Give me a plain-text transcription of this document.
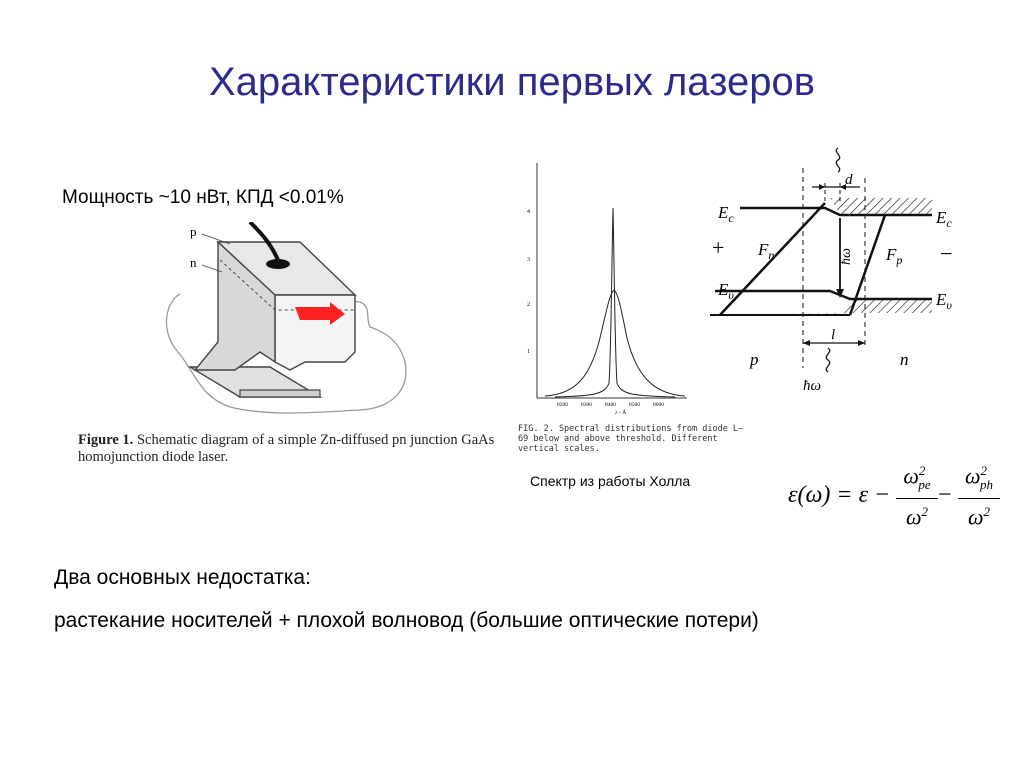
Характеристики первых лазеров
Мощность ~10 нВт, КПД <0.01%
p
n
Figure 1. Schematic diagram of a simple Zn-diffused pn junction GaAs homojunction diode laser.
4
3
2
1
8200 8300 8400 8500 8600
λ - Å
FIG. 2. Spectral distributions from diode L–69 below and above threshold. Different vertical scales.
Спектр из работы Холла
$E_c$	$E_c$
$E_\upsilon$	$E_\upsilon$
$F_n$	$F_p$
+	−
ħω
ħω
d
l
p	n
ε(ω) = ε −
$\omega^2_{pe}$
$\omega^2$
−
$\omega^2_{ph}$
$\omega^2$
Два основных недостатка:
растекание носителей + плохой волновод (большие оптические потери)
